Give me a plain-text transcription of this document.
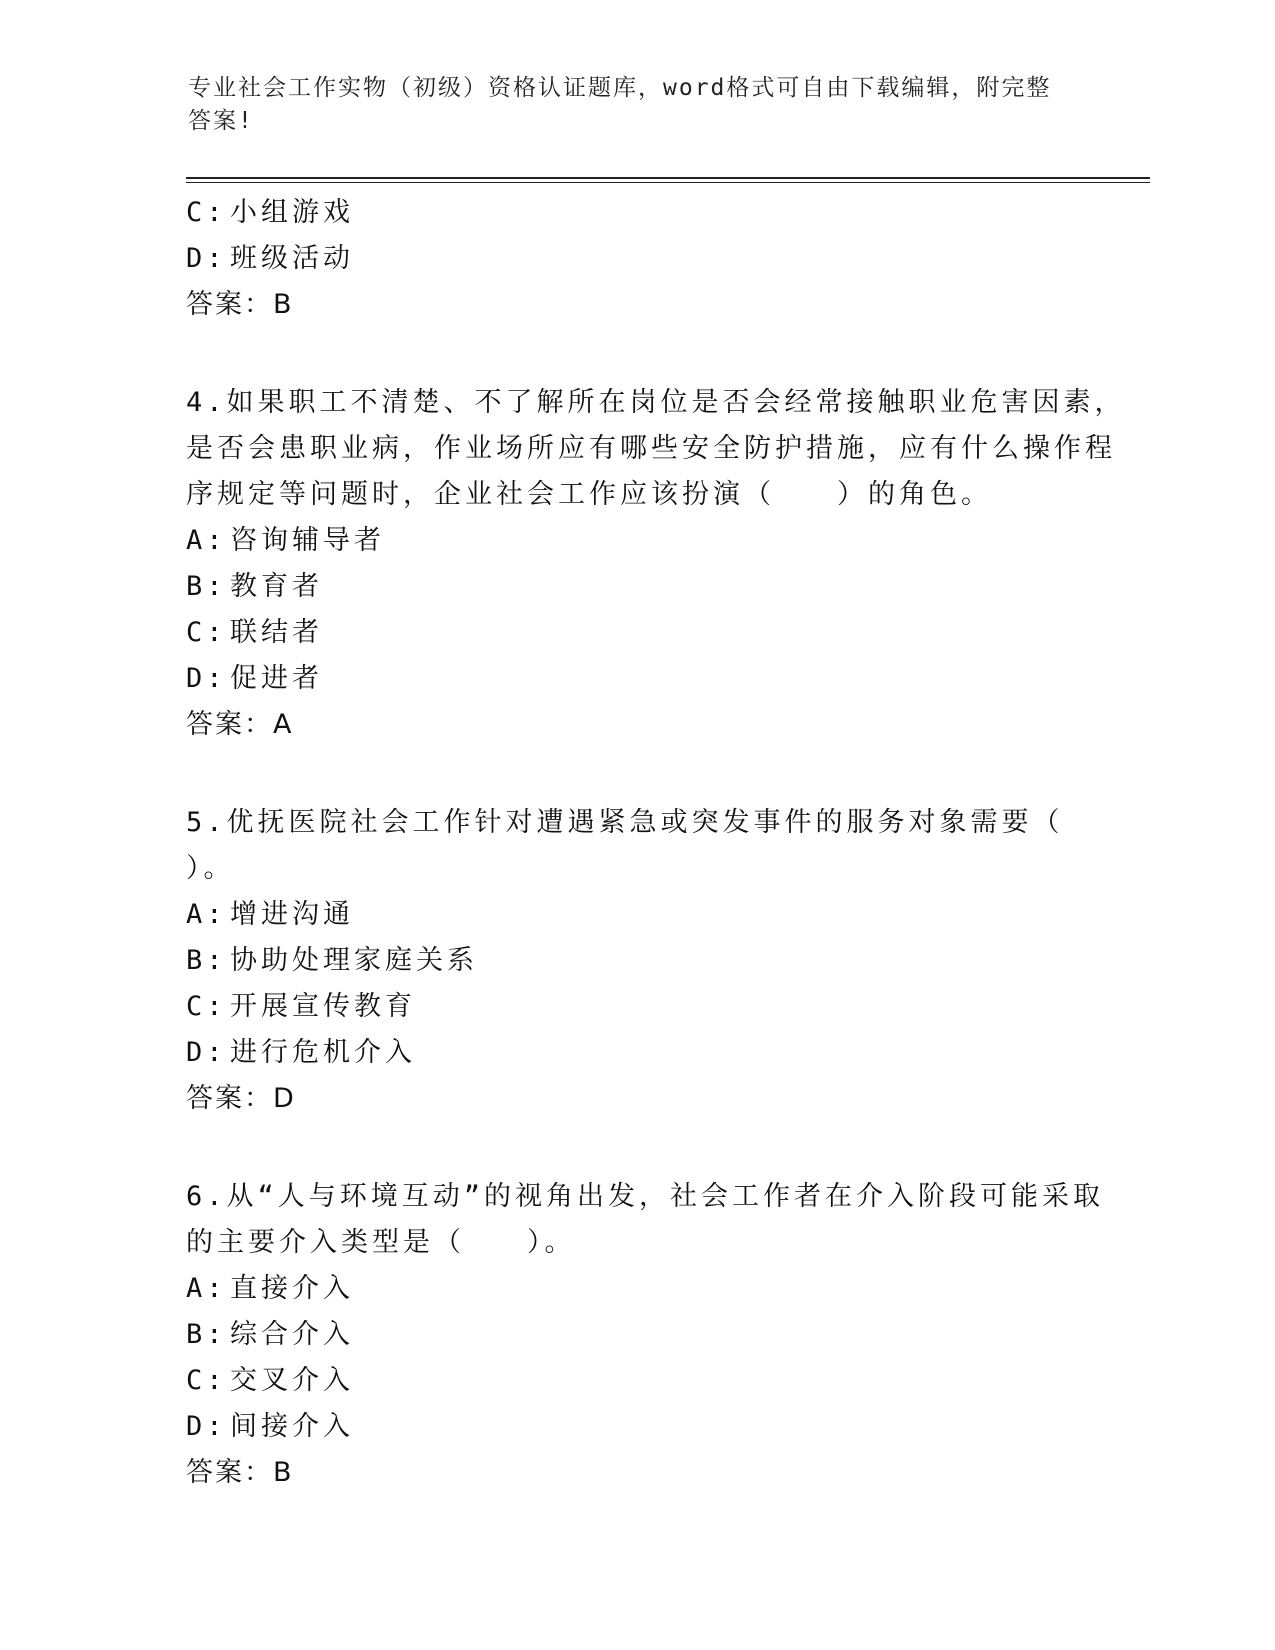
专业社会工作实物（初级）资格认证题库，word格式可自由下载编辑，附完整答案!
C: 小组游戏
D: 班级活动
答案：B
4.如果职工不清楚、不了解所在岗位是否会经常接触职业危害因素，
是否会患职业病，作业场所应有哪些安全防护措施，应有什么操作程
序规定等问题时，企业社会工作应该扮演（　　）的角色。
A: 咨询辅导者
B: 教育者
C: 联结者
D: 促进者
答案：A
5.优抚医院社会工作针对遭遇紧急或突发事件的服务对象需要（
）。
A: 增进沟通
B: 协助处理家庭关系
C: 开展宣传教育
D: 进行危机介入
答案：D
6.从“人与环境互动”的视角出发，社会工作者在介入阶段可能采取
的主要介入类型是（　　）。
A: 直接介入
B: 综合介入
C: 交叉介入
D: 间接介入
答案：B
